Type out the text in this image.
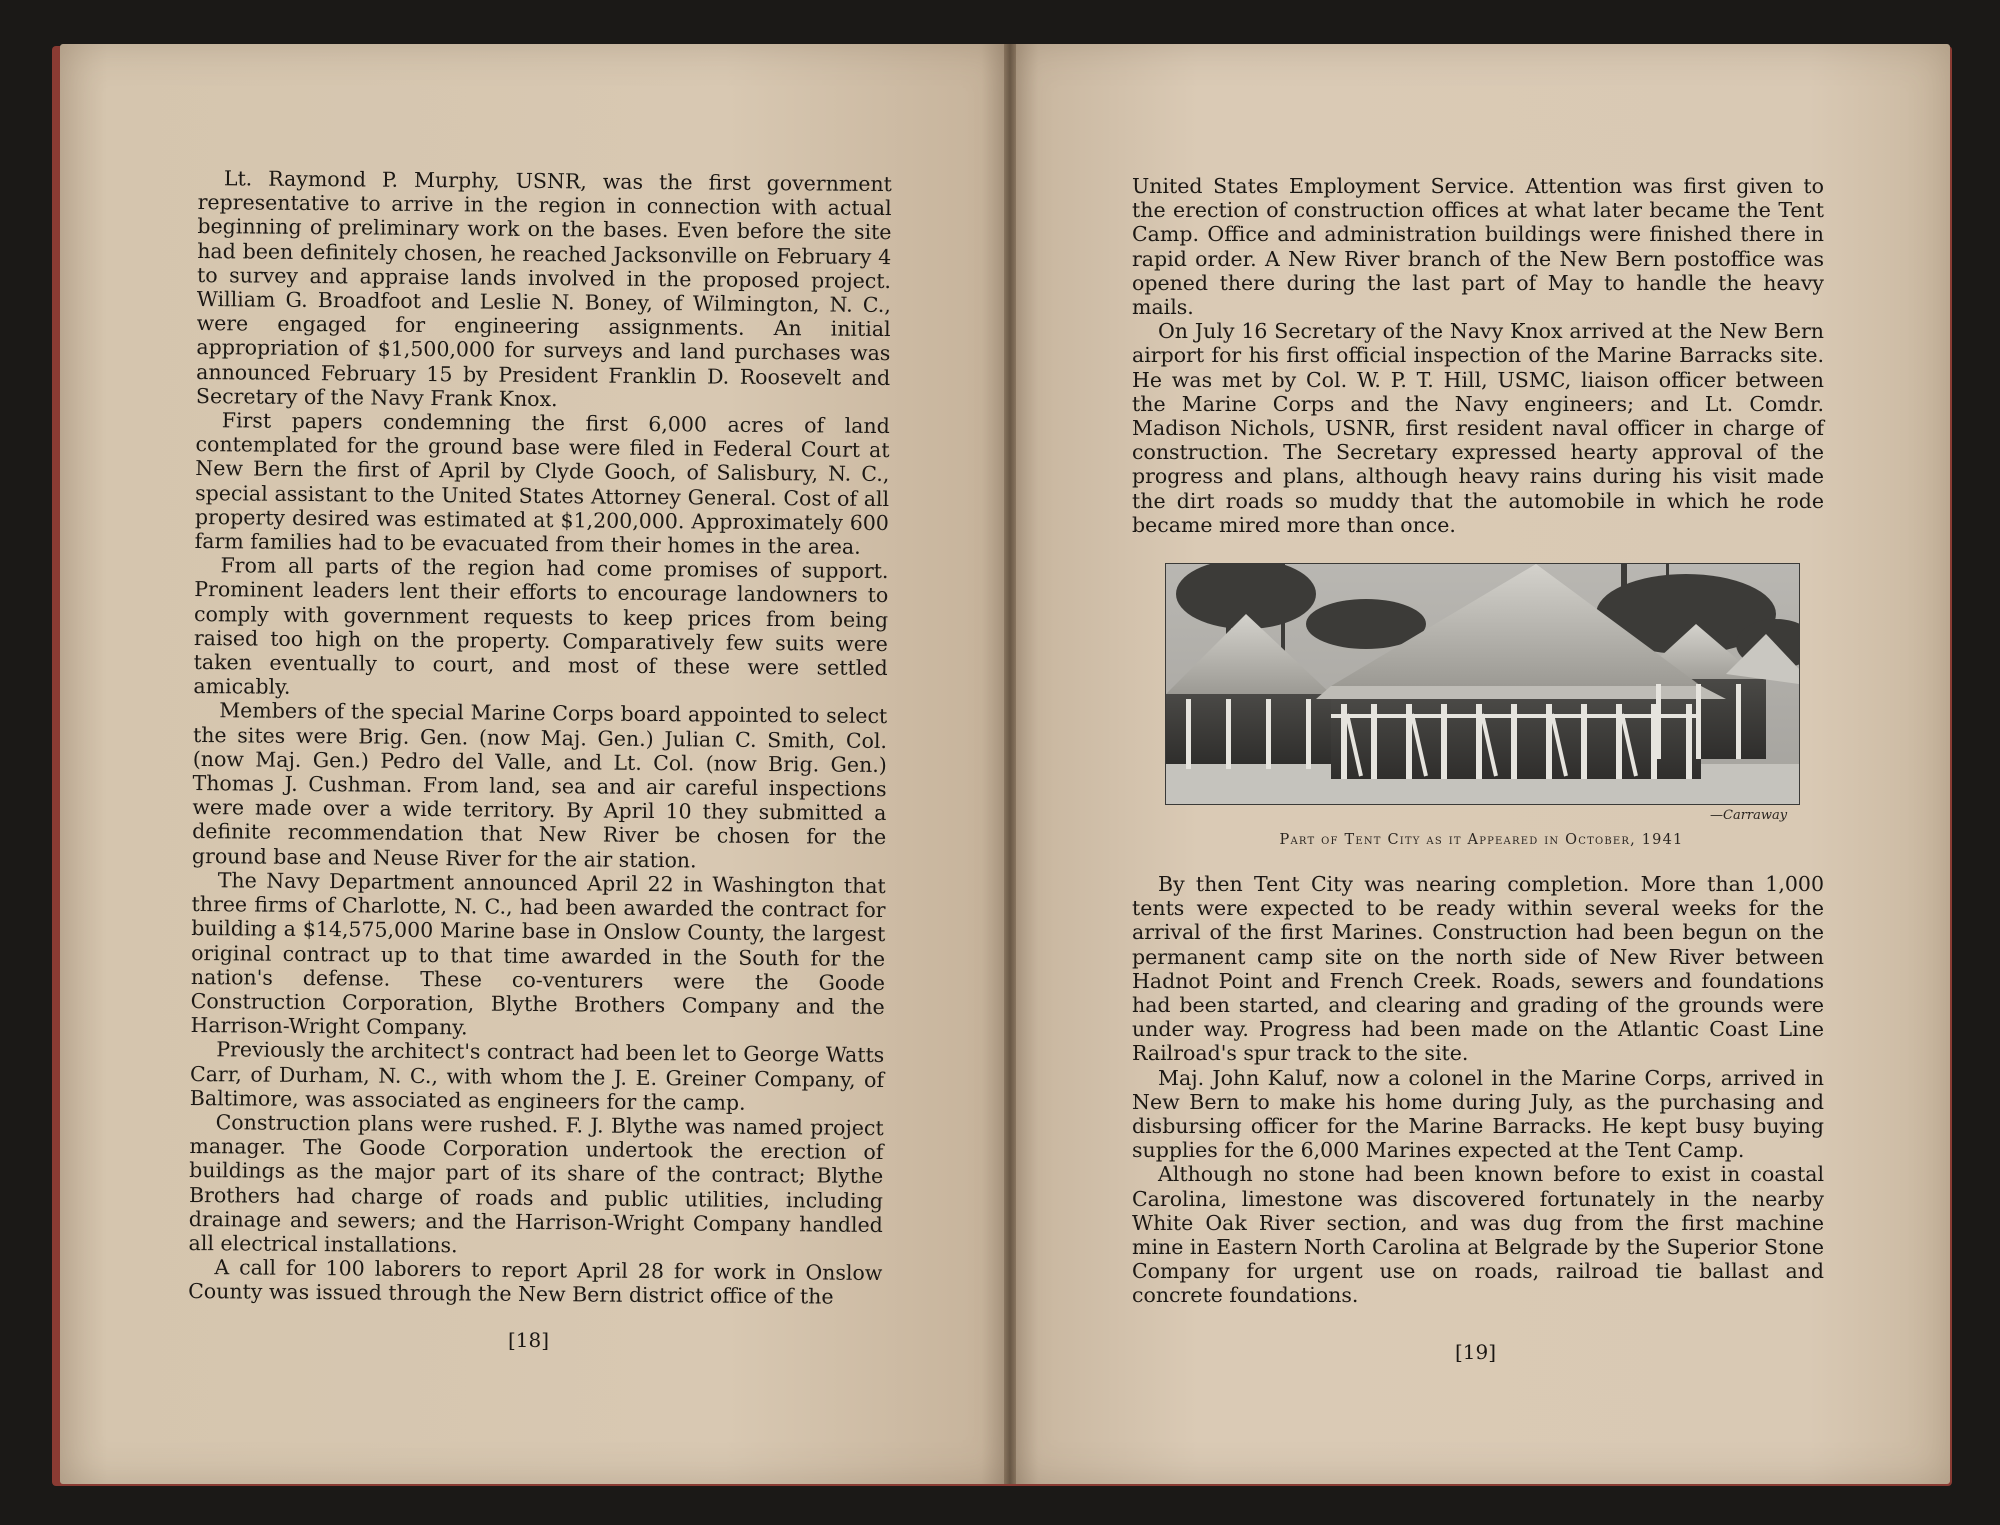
Lt. Raymond P. Murphy, USNR, was the first government representative to arrive in the region in connection with actual beginning of preliminary work on the bases. Even before the site had been definitely chosen, he reached Jacksonville on February 4 to survey and appraise lands involved in the proposed project. William G. Broadfoot and Leslie N. Boney, of Wilmington, N. C., were engaged for engineering assignments. An initial appropriation of $1,500,000 for surveys and land purchases was announced February 15 by President Franklin D. Roosevelt and Secretary of the Navy Frank Knox.

First papers condemning the first 6,000 acres of land contemplated for the ground base were filed in Federal Court at New Bern the first of April by Clyde Gooch, of Salisbury, N. C., special assistant to the United States Attorney General. Cost of all property desired was estimated at $1,200,000. Approximately 600 farm families had to be evacuated from their homes in the area.

From all parts of the region had come promises of support. Prominent leaders lent their efforts to encourage landowners to comply with government requests to keep prices from being raised too high on the property. Comparatively few suits were taken eventually to court, and most of these were settled amicably.

Members of the special Marine Corps board appointed to select the sites were Brig. Gen. (now Maj. Gen.) Julian C. Smith, Col. (now Maj. Gen.) Pedro del Valle, and Lt. Col. (now Brig. Gen.) Thomas J. Cushman. From land, sea and air careful inspections were made over a wide territory. By April 10 they submitted a definite recommendation that New River be chosen for the ground base and Neuse River for the air station.

The Navy Department announced April 22 in Washington that three firms of Charlotte, N. C., had been awarded the contract for building a $14,575,000 Marine base in Onslow County, the largest original contract up to that time awarded in the South for the nation's defense. These co-venturers were the Goode Construction Corporation, Blythe Brothers Company and the Harrison-Wright Company.

Previously the architect's contract had been let to George Watts Carr, of Durham, N. C., with whom the J. E. Greiner Company, of Baltimore, was associated as engineers for the camp.

Construction plans were rushed. F. J. Blythe was named project manager. The Goode Corporation undertook the erection of buildings as the major part of its share of the contract; Blythe Brothers had charge of roads and public utilities, including drainage and sewers; and the Harrison-Wright Company handled all electrical installations.

A call for 100 laborers to report April 28 for work in Onslow County was issued through the New Bern district office of the

[18]

United States Employment Service. Attention was first given to the erection of construction offices at what later became the Tent Camp. Office and administration buildings were finished there in rapid order. A New River branch of the New Bern postoffice was opened there during the last part of May to handle the heavy mails.

On July 16 Secretary of the Navy Knox arrived at the New Bern airport for his first official inspection of the Marine Barracks site. He was met by Col. W. P. T. Hill, USMC, liaison officer between the Marine Corps and the Navy engineers; and Lt. Comdr. Madison Nichols, USNR, first resident naval officer in charge of construction. The Secretary expressed hearty approval of the progress and plans, although heavy rains during his visit made the dirt roads so muddy that the automobile in which he rode became mired more than once.

—Carraway
Part of Tent City as it Appeared in October, 1941

By then Tent City was nearing completion. More than 1,000 tents were expected to be ready within several weeks for the arrival of the first Marines. Construction had been begun on the permanent camp site on the north side of New River between Hadnot Point and French Creek. Roads, sewers and foundations had been started, and clearing and grading of the grounds were under way. Progress had been made on the Atlantic Coast Line Railroad's spur track to the site.

Maj. John Kaluf, now a colonel in the Marine Corps, arrived in New Bern to make his home during July, as the purchasing and disbursing officer for the Marine Barracks. He kept busy buying supplies for the 6,000 Marines expected at the Tent Camp.

Although no stone had been known before to exist in coastal Carolina, limestone was discovered fortunately in the nearby White Oak River section, and was dug from the first machine mine in Eastern North Carolina at Belgrade by the Superior Stone Company for urgent use on roads, railroad tie ballast and concrete foundations.

[19]
